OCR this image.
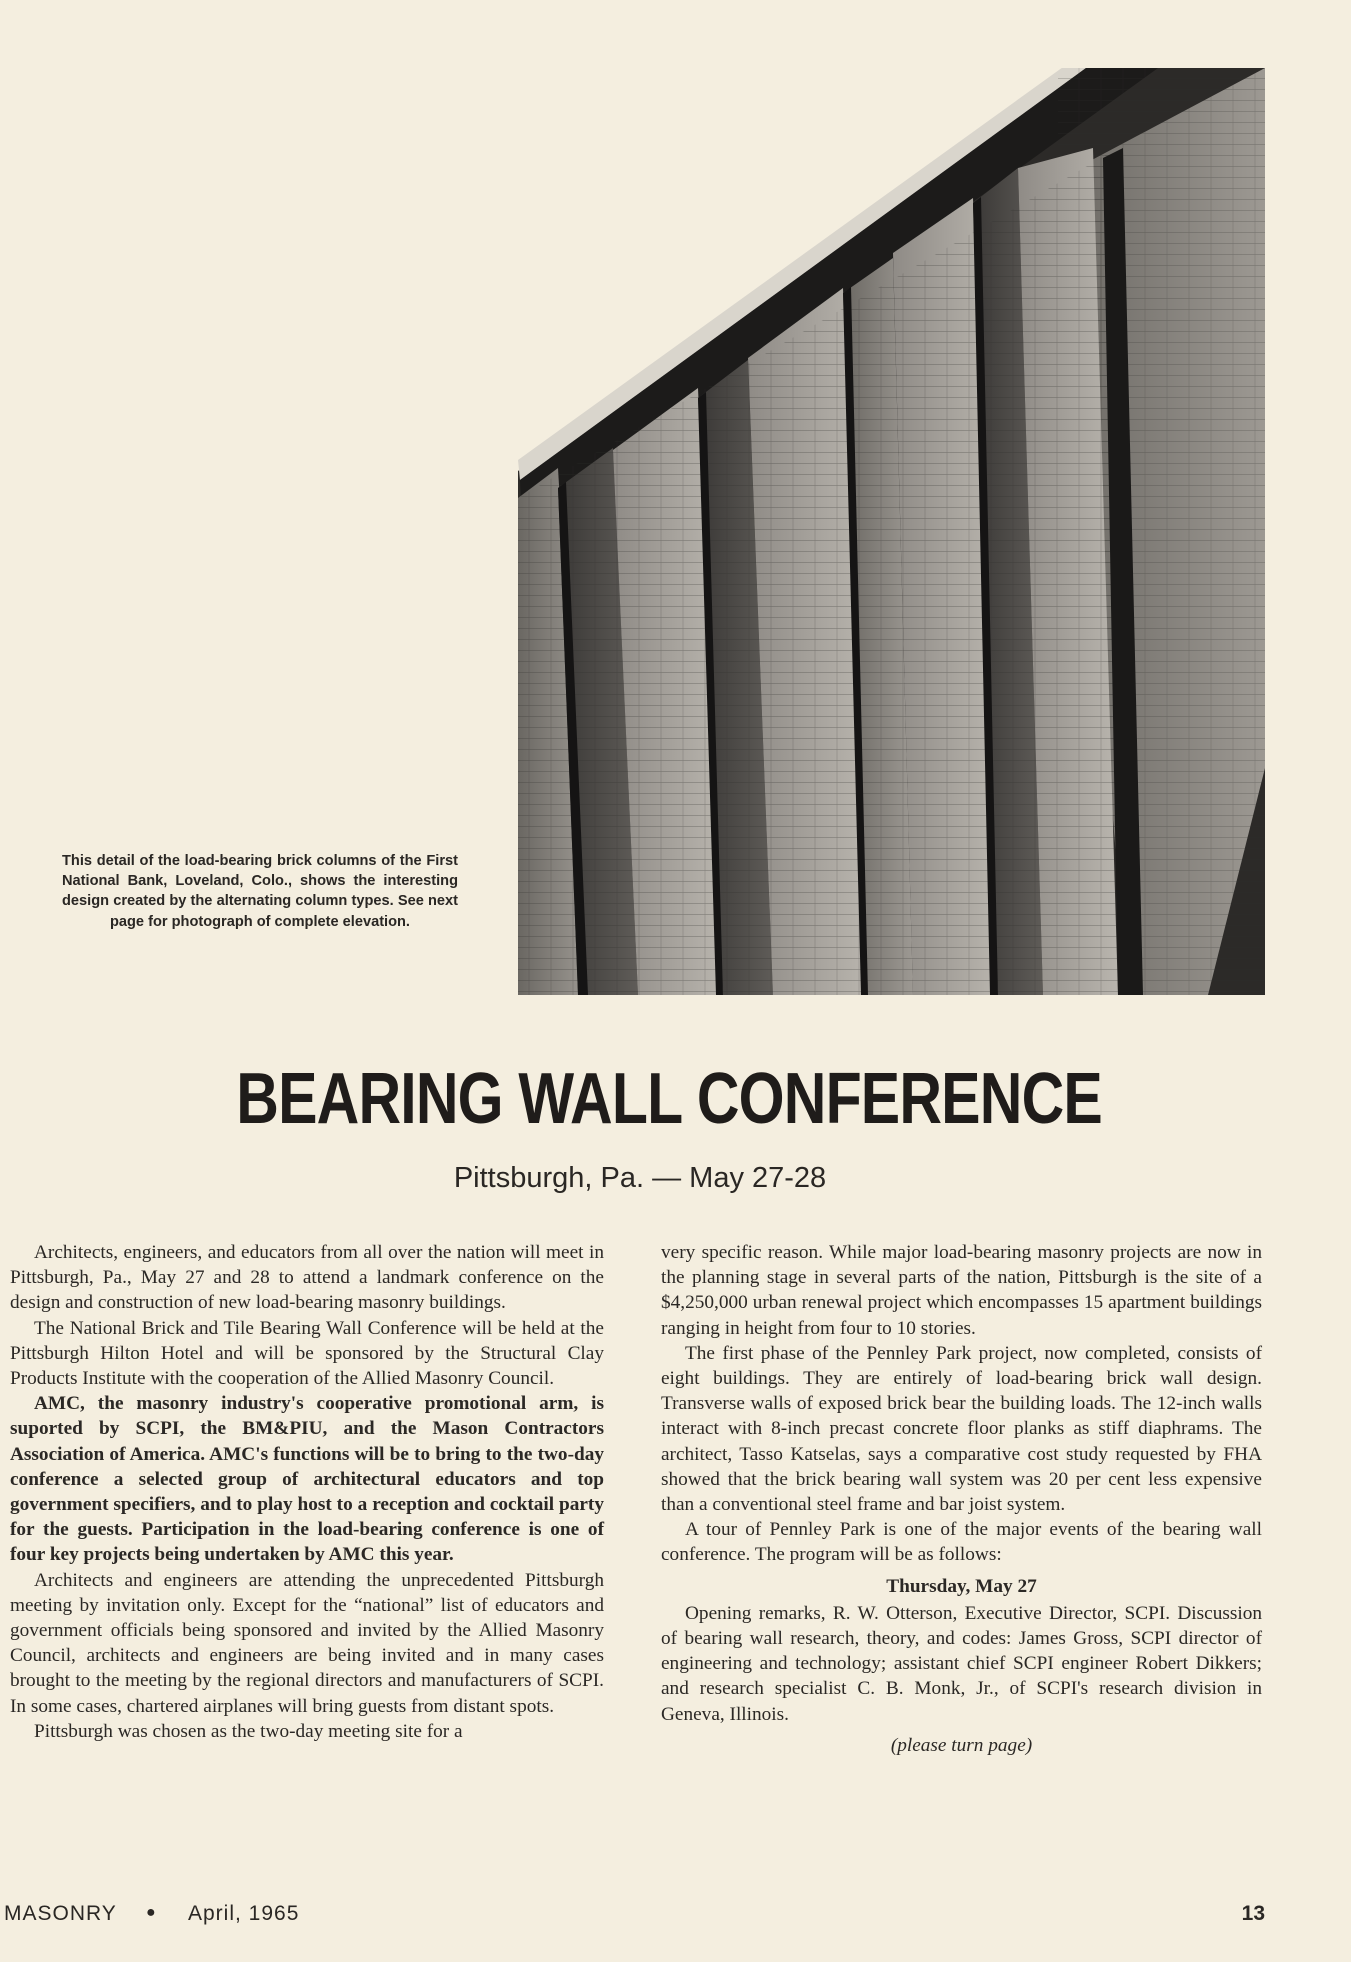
This detail of the load-bearing brick columns of the First National Bank, Loveland, Colo., shows the interesting design created by the alternating column types. See next page for photograph of complete elevation.
BEARING WALL CONFERENCE
Pittsburgh, Pa. — May 27-28

Architects, engineers, and educators from all over the nation will meet in Pittsburgh, Pa., May 27 and 28 to attend a landmark conference on the design and construction of new load-bearing masonry buildings.

The National Brick and Tile Bearing Wall Conference will be held at the Pittsburgh Hilton Hotel and will be sponsored by the Structural Clay Products Institute with the cooperation of the Allied Masonry Council.

AMC, the masonry industry's cooperative promotional arm, is suported by SCPI, the BM&PIU, and the Mason Contractors Association of America. AMC's functions will be to bring to the two-day conference a selected group of architectural educators and top government specifiers, and to play host to a reception and cocktail party for the guests. Participation in the load-bearing conference is one of four key projects being undertaken by AMC this year.

Architects and engineers are attending the unprecedented Pittsburgh meeting by invitation only. Except for the “national” list of educators and government officials being sponsored and invited by the Allied Masonry Council, architects and engineers are being invited and in many cases brought to the meeting by the regional directors and manufacturers of SCPI. In some cases, chartered airplanes will bring guests from distant spots.

Pittsburgh was chosen as the two-day meeting site for a

very specific reason. While major load-bearing masonry projects are now in the planning stage in several parts of the nation, Pittsburgh is the site of a $4,250,000 urban renewal project which encompasses 15 apartment buildings ranging in height from four to 10 stories.

The first phase of the Pennley Park project, now completed, consists of eight buildings. They are entirely of load-bearing brick wall design. Transverse walls of exposed brick bear the building loads. The 12-inch walls interact with 8-inch precast concrete floor planks as stiff diaphrams. The architect, Tasso Katselas, says a comparative cost study requested by FHA showed that the brick bearing wall system was 20 per cent less expensive than a conventional steel frame and bar joist system.

A tour of Pennley Park is one of the major events of the bearing wall conference. The program will be as follows:

Thursday, May 27

Opening remarks, R. W. Otterson, Executive Director, SCPI. Discussion of bearing wall research, theory, and codes: James Gross, SCPI director of engineering and technology; assistant chief SCPI engineer Robert Dikkers; and research specialist C. B. Monk, Jr., of SCPI's research division in Geneva, Illinois.

(please turn page)

MASONRY ● April, 1965	13
